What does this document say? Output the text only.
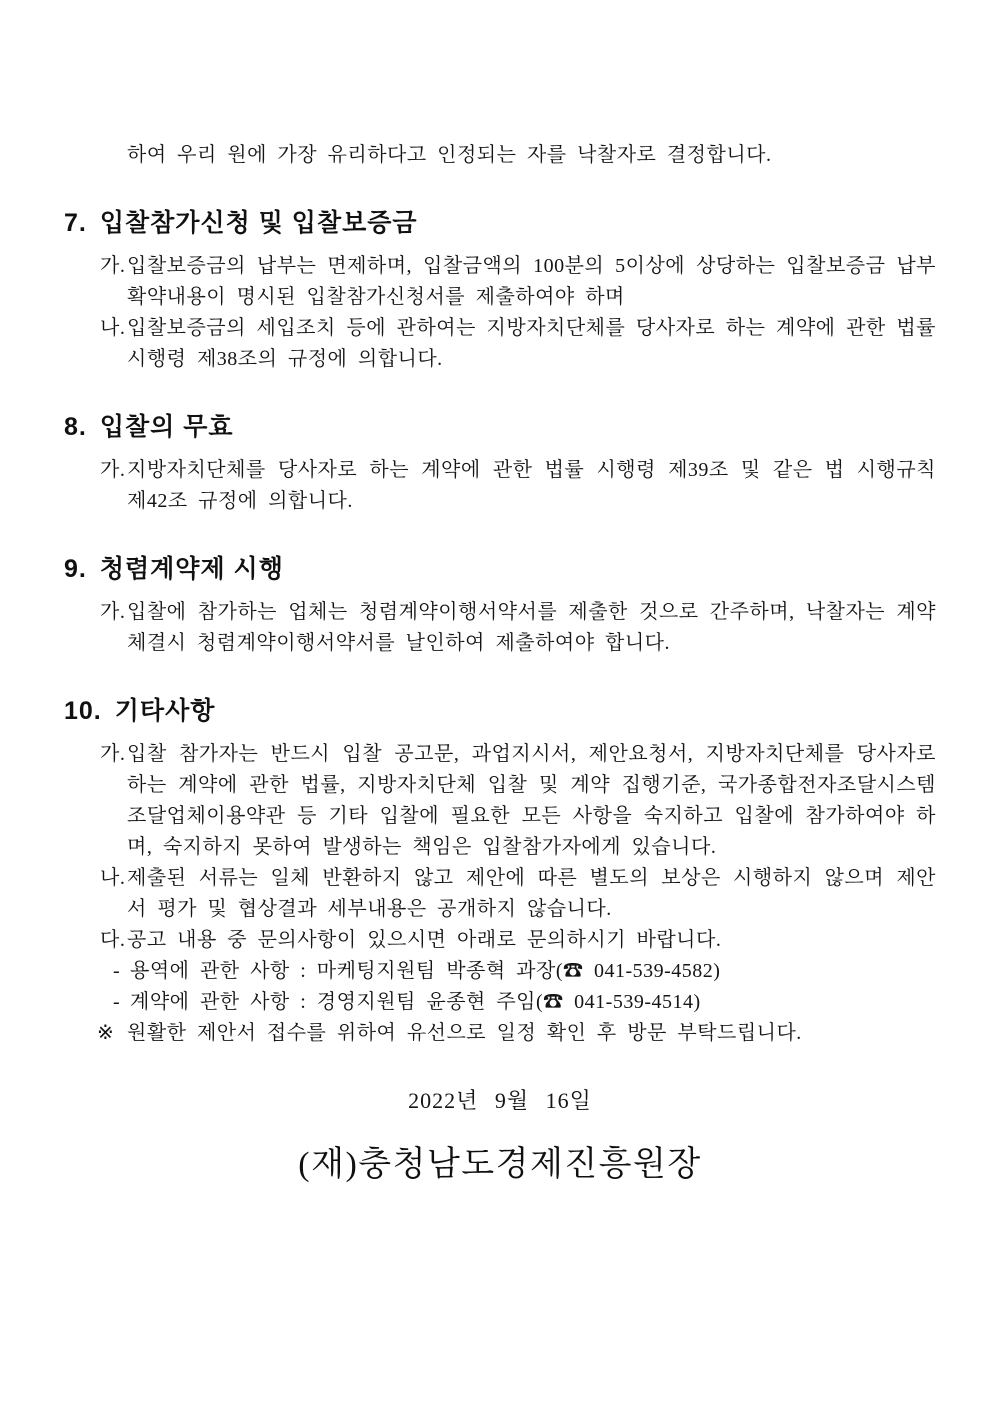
하여 우리 원에 가장 유리하다고 인정되는 자를 낙찰자로 결정합니다.

7. 입찰참가신청 및 입찰보증금

가.입찰보증금의 납부는 면제하며, 입찰금액의 100분의 5이상에 상당하는 입찰보증금 납부 확약내용이 명시된 입찰참가신청서를 제출하여야 하며

나.입찰보증금의 세입조치 등에 관하여는 지방자치단체를 당사자로 하는 계약에 관한 법률 시행령 제38조의 규정에 의합니다.

8. 입찰의 무효

가.지방자치단체를 당사자로 하는 계약에 관한 법률 시행령 제39조 및 같은 법 시행규칙 제42조 규정에 의합니다.

9. 청렴계약제 시행

가.입찰에 참가하는 업체는 청렴계약이행서약서를 제출한 것으로 간주하며, 낙찰자는 계약 체결시 청렴계약이행서약서를 날인하여 제출하여야 합니다.

10. 기타사항

가.입찰 참가자는 반드시 입찰 공고문, 과업지시서, 제안요청서, 지방자치단체를 당사자로 하는 계약에 관한 법률, 지방자치단체 입찰 및 계약 집행기준, 국가종합전자조달시스템 조달업체이용약관 등 기타 입찰에 필요한 모든 사항을 숙지하고 입찰에 참가하여야 하며, 숙지하지 못하여 발생하는 책임은 입찰참가자에게 있습니다.

나.제출된 서류는 일체 반환하지 않고 제안에 따른 별도의 보상은 시행하지 않으며 제안서 평가 및 협상결과 세부내용은 공개하지 않습니다.

다.공고 내용 중 문의사항이 있으시면 아래로 문의하시기 바랍니다.

- 용역에 관한 사항 : 마케팅지원팀 박종혁 과장(☎ 041-539-4582)

- 계약에 관한 사항 : 경영지원팀 윤종현 주임(☎ 041-539-4514)

※ 원활한 제안서 접수를 위하여 유선으로 일정 확인 후 방문 부탁드립니다.

2022년 9월 16일

(재)충청남도경제진흥원장
